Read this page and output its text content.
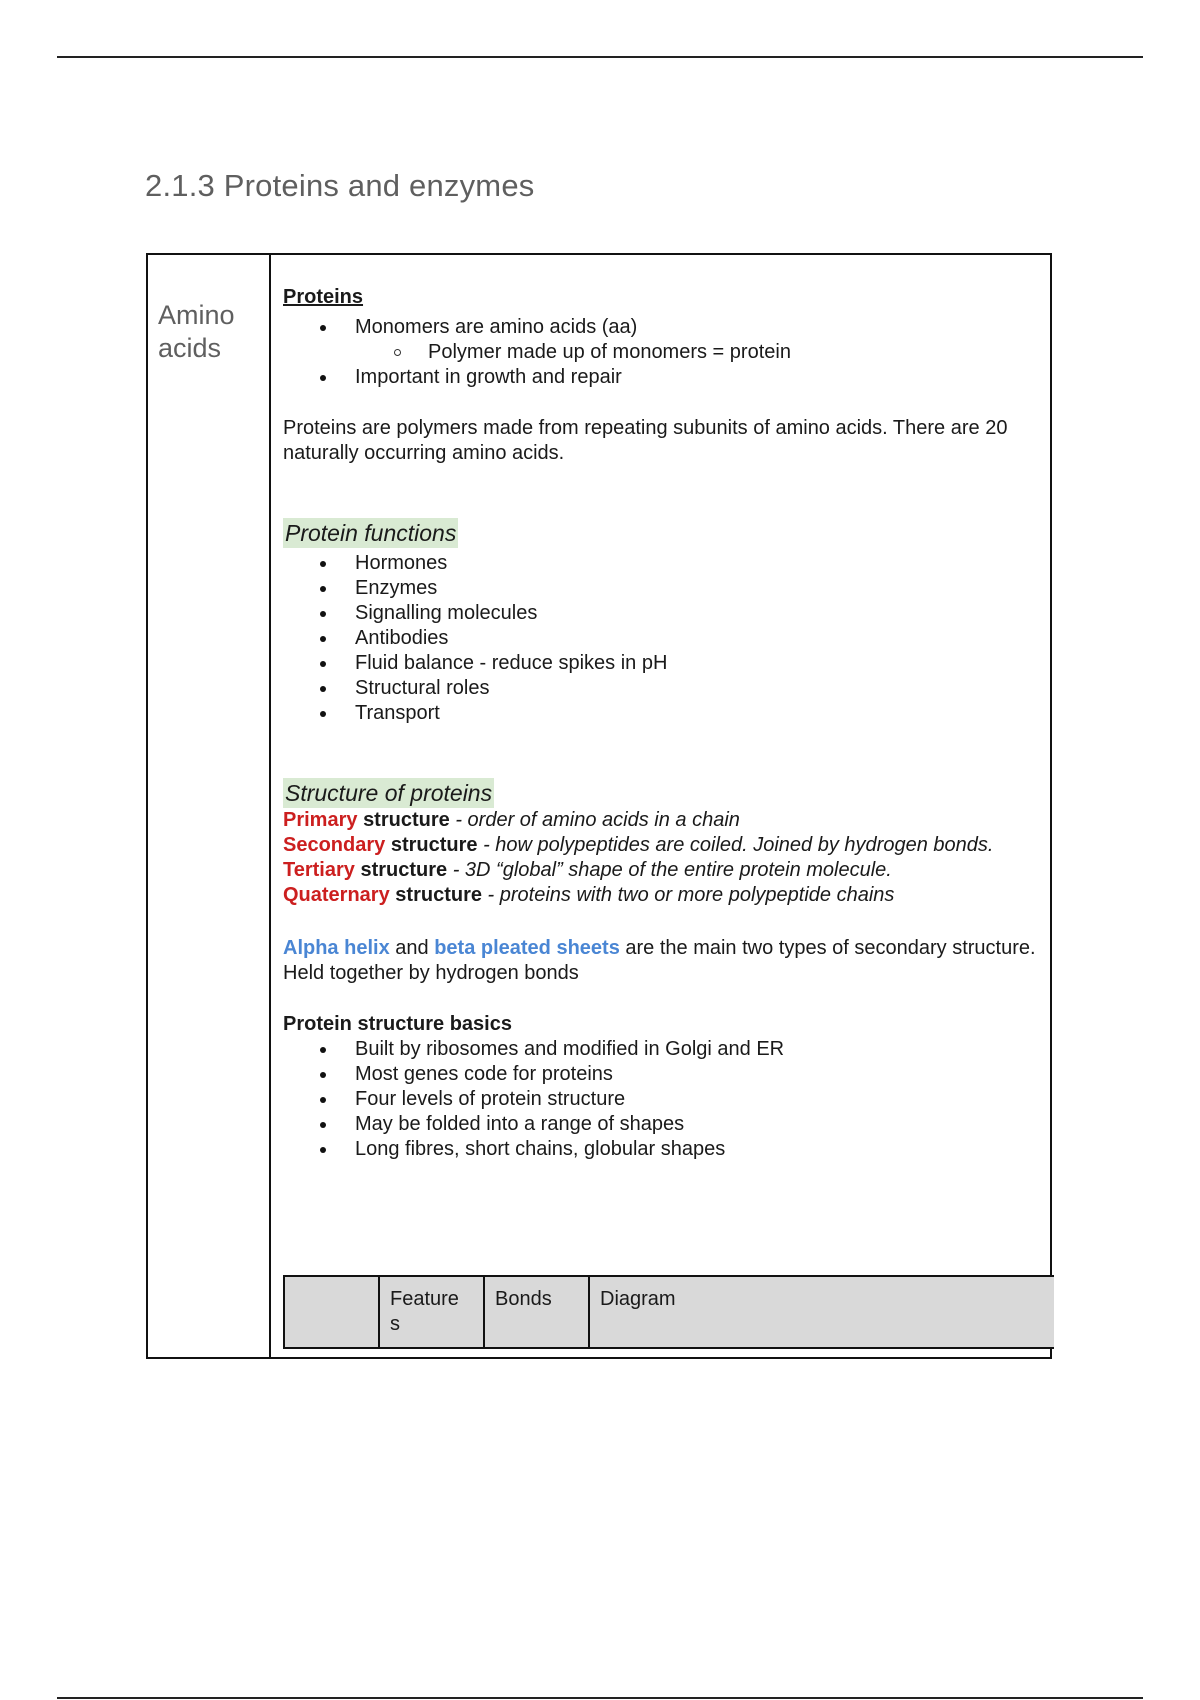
2.1.3 Proteins and enzymes

Amino acids

Proteins

Monomers are amino acids (aa)
Polymer made up of monomers = protein
Important in growth and repair

Proteins are polymers made from repeating subunits of amino acids. There are 20 naturally occurring amino acids.

Protein functions

Hormones
Enzymes
Signalling molecules
Antibodies
Fluid balance - reduce spikes in pH
Structural roles
Transport

Structure of proteins

Primary structure - order of amino acids in a chain

Secondary structure - how polypeptides are coiled. Joined by hydrogen bonds.

Tertiary structure - 3D “global” shape of the entire protein molecule.

Quaternary structure - proteins with two or more polypeptide chains

Alpha helix and beta pleated sheets are the main two types of secondary structure. Held together by hydrogen bonds

Protein structure basics

Built by ribosomes and modified in Golgi and ER
Most genes code for proteins
Four levels of protein structure
May be folded into a range of shapes
Long fibres, short chains, globular shapes
Feature s
Bonds	Diagram
